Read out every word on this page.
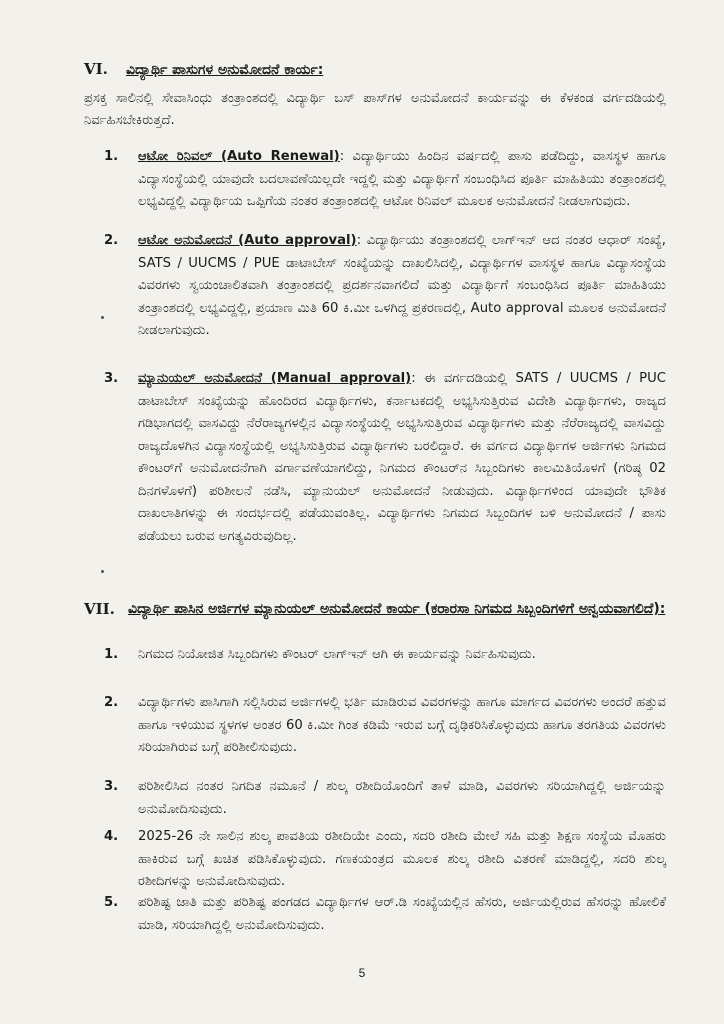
VI. ವಿದ್ಯಾರ್ಥಿ ಪಾಸುಗಳ ಅನುಮೋದನೆ ಕಾರ್ಯ:
ಪ್ರಸಕ್ತ ಸಾಲಿನಲ್ಲಿ ಸೇವಾಸಿಂಧು ತಂತ್ರಾಂಶದಲ್ಲಿ ವಿದ್ಯಾರ್ಥಿ ಬಸ್ ಪಾಸ್‌ಗಳ ಅನುಮೋದನೆ ಕಾರ್ಯವನ್ನು ಈ ಕೆಳಕಂಡ ವರ್ಗದಡಿಯಲ್ಲಿ ನಿರ್ವಹಿಸಬೇಕಿರುತ್ತದೆ.
1. ಆಟೋ ರಿನಿವಲ್ (Auto Renewal): ವಿದ್ಯಾರ್ಥಿಯು ಹಿಂದಿನ ವರ್ಷದಲ್ಲಿ ಪಾಸು ಪಡೆದಿದ್ದು, ವಾಸಸ್ಥಳ ಹಾಗೂ ವಿದ್ಯಾಸಂಸ್ಥೆಯಲ್ಲಿ ಯಾವುದೇ ಬದಲಾವಣೆಯಿಲ್ಲದೇ ಇದ್ದಲ್ಲಿ ಮತ್ತು ವಿದ್ಯಾರ್ಥಿಗೆ ಸಂಬಂಧಿಸಿದ ಪೂರ್ತಿ ಮಾಹಿತಿಯು ತಂತ್ರಾಂಶದಲ್ಲಿ ಲಭ್ಯವಿದ್ದಲ್ಲಿ ವಿದ್ಯಾರ್ಥಿಯ ಒಪ್ಪಿಗೆಯ ನಂತರ ತಂತ್ರಾಂಶದಲ್ಲಿ ಆಟೋ ರಿನಿವಲ್ ಮೂಲಕ ಅನುಮೋದನೆ ನೀಡಲಾಗುವುದು.
2. ಆಟೋ ಅನುಮೋದನೆ (Auto approval): ವಿದ್ಯಾರ್ಥಿಯು ತಂತ್ರಾಂಶದಲ್ಲಿ ಲಾಗ್‌ಇನ್ ಆದ ನಂತರ ಆಧಾರ್ ಸಂಖ್ಯೆ, SATS / UUCMS / PUE ಡಾಟಾಬೇಸ್ ಸಂಖ್ಯೆಯನ್ನು ದಾಖಲಿಸಿದಲ್ಲಿ, ವಿದ್ಯಾರ್ಥಿಗಳ ವಾಸಸ್ಥಳ ಹಾಗೂ ವಿದ್ಯಾಸಂಸ್ಥೆಯ ವಿವರಗಳು ಸ್ವಯಂಚಾಲಿತವಾಗಿ ತಂತ್ರಾಂಶದಲ್ಲಿ ಪ್ರದರ್ಶನವಾಗಲಿದೆ ಮತ್ತು ವಿದ್ಯಾರ್ಥಿಗೆ ಸಂಬಂಧಿಸಿದ ಪೂರ್ತಿ ಮಾಹಿತಿಯು ತಂತ್ರಾಂಶದಲ್ಲಿ ಲಭ್ಯವಿದ್ದಲ್ಲಿ, ಪ್ರಯಾಣ ಮಿತಿ 60 ಕಿ.ಮೀ ಒಳಗಿದ್ದ ಪ್ರಕರಣದಲ್ಲಿ, Auto approval ಮೂಲಕ ಅನುಮೋದನೆ ನೀಡಲಾಗುವುದು.
3. ಮ್ಯಾನುಯಲ್ ಅನುಮೋದನೆ (Manual approval): ಈ ವರ್ಗದಡಿಯಲ್ಲಿ SATS / UUCMS / PUC ಡಾಟಾಬೇಸ್ ಸಂಖ್ಯೆಯನ್ನು ಹೊಂದಿರದ ವಿದ್ಯಾರ್ಥಿಗಳು, ಕರ್ನಾಟಕದಲ್ಲಿ ಅಭ್ಯಸಿಸುತ್ತಿರುವ ವಿದೇಶಿ ವಿದ್ಯಾರ್ಥಿಗಳು, ರಾಜ್ಯದ ಗಡಿಭಾಗದಲ್ಲಿ ವಾಸವಿದ್ದು ನೆರೆರಾಜ್ಯಗಳಲ್ಲಿನ ವಿದ್ಯಾಸಂಸ್ಥೆಯಲ್ಲಿ ಅಭ್ಯಸಿಸುತ್ತಿರುವ ವಿದ್ಯಾರ್ಥಿಗಳು ಮತ್ತು ನೆರೆರಾಜ್ಯದಲ್ಲಿ ವಾಸವಿದ್ದು ರಾಜ್ಯದೊಳಗಿನ ವಿದ್ಯಾಸಂಸ್ಥೆಯಲ್ಲಿ ಅಭ್ಯಸಿಸುತ್ತಿರುವ ವಿದ್ಯಾರ್ಥಿಗಳು ಬರಲಿದ್ದಾರೆ. ಈ ವರ್ಗದ ವಿದ್ಯಾರ್ಥಿಗಳ ಅರ್ಜಿಗಳು ನಿಗಮದ ಕೌಂಟರ್‌ಗೆ ಅನುಮೋದನೆಗಾಗಿ ವರ್ಗಾವಣೆಯಾಗಲಿದ್ದು, ನಿಗಮದ ಕೌಂಟರ್‌ನ ಸಿಬ್ಬಂದಿಗಳು ಕಾಲಮಿತಿಯೊಳಗೆ (ಗರಿಷ್ಠ 02 ದಿನಗಳೊಳಗೆ) ಪರಿಶೀಲನೆ ನಡೆಸಿ, ಮ್ಯಾನುಯಲ್ ಅನುಮೋದನೆ ನೀಡುವುದು. ವಿದ್ಯಾರ್ಥಿಗಳಿಂದ ಯಾವುದೇ ಭೌತಿಕ ದಾಖಲಾತಿಗಳನ್ನು ಈ ಸಂದರ್ಭದಲ್ಲಿ ಪಡೆಯುವಂತಿಲ್ಲ. ವಿದ್ಯಾರ್ಥಿಗಳು ನಿಗಮದ ಸಿಬ್ಬಂದಿಗಳ ಬಳಿ ಅನುಮೋದನೆ / ಪಾಸು ಪಡೆಯಲು ಬರುವ ಅಗತ್ಯವಿರುವುದಿಲ್ಲ.
VII. ವಿದ್ಯಾರ್ಥಿ ಪಾಸಿನ ಅರ್ಜಿಗಳ ಮ್ಯಾನುಯಲ್ ಅನುಮೋದನೆ ಕಾರ್ಯ (ಕರಾರಸಾ ನಿಗಮದ ಸಿಬ್ಬಂದಿಗಳಿಗೆ ಅನ್ವಯವಾಗಲಿದೆ):
1. ನಿಗಮದ ನಿಯೋಜಿತ ಸಿಬ್ಬಂದಿಗಳು ಕೌಂಟರ್ ಲಾಗ್‌ಇನ್ ಆಗಿ ಈ ಕಾರ್ಯವನ್ನು ನಿರ್ವಹಿಸುವುದು.
2. ವಿದ್ಯಾರ್ಥಿಗಳು ಪಾಸಿಗಾಗಿ ಸಲ್ಲಿಸಿರುವ ಅರ್ಜಿಗಳಲ್ಲಿ ಭರ್ತಿ ಮಾಡಿರುವ ವಿವರಗಳನ್ನು ಹಾಗೂ ಮಾರ್ಗದ ವಿವರಗಳು ಅಂದರೆ ಹತ್ತುವ ಹಾಗೂ ಇಳಿಯುವ ಸ್ಥಳಗಳ ಅಂತರ 60 ಕಿ.ಮೀ ಗಿಂತ ಕಡಿಮೆ ಇರುವ ಬಗ್ಗೆ ದೃಢಿಕರಿಸಿಕೊಳ್ಳುವುದು ಹಾಗೂ ತರಗತಿಯ ವಿವರಗಳು ಸರಿಯಾಗಿರುವ ಬಗ್ಗೆ ಪರಿಶೀಲಿಸುವುದು.
3. ಪರಿಶೀಲಿಸಿದ ನಂತರ ನಿಗದಿತ ನಮೂನೆ / ಶುಲ್ಕ ರಶೀದಿಯೊಂದಿಗೆ ತಾಳೆ ಮಾಡಿ, ವಿವರಗಳು ಸರಿಯಾಗಿದ್ದಲ್ಲಿ ಅರ್ಜಿಯನ್ನು ಅನುಮೋದಿಸುವುದು.
4. 2025-26 ನೇ ಸಾಲಿನ ಶುಲ್ಕ ಪಾವತಿಯ ರಶೀದಿಯೇ ಎಂದು, ಸದರಿ ರಶೀದಿ ಮೇಲೆ ಸಹಿ ಮತ್ತು ಶಿಕ್ಷಣ ಸಂಸ್ಥೆಯ ಮೊಹರು ಹಾಕಿರುವ ಬಗ್ಗೆ ಖಚಿತ ಪಡಿಸಿಕೊಳ್ಳುವುದು. ಗಣಕಯಂತ್ರದ ಮೂಲಕ ಶುಲ್ಕ ರಶೀದಿ ವಿತರಣೆ ಮಾಡಿದ್ದಲ್ಲಿ, ಸದರಿ ಶುಲ್ಕ ರಶೀದಿಗಳನ್ನು ಅನುಮೋದಿಸುವುದು.
5. ಪರಿಶಿಷ್ಟ ಜಾತಿ ಮತ್ತು ಪರಿಶಿಷ್ಟ ಪಂಗಡದ ವಿದ್ಯಾರ್ಥಿಗಳ ಆರ್.ಡಿ ಸಂಖ್ಯೆಯಲ್ಲಿನ ಹೆಸರು, ಅರ್ಜಿಯಲ್ಲಿರುವ ಹೆಸರನ್ನು ಹೋಲಿಕೆ ಮಾಡಿ, ಸರಿಯಾಗಿದ್ದಲ್ಲಿ ಅನುಮೋದಿಸುವುದು.
5
